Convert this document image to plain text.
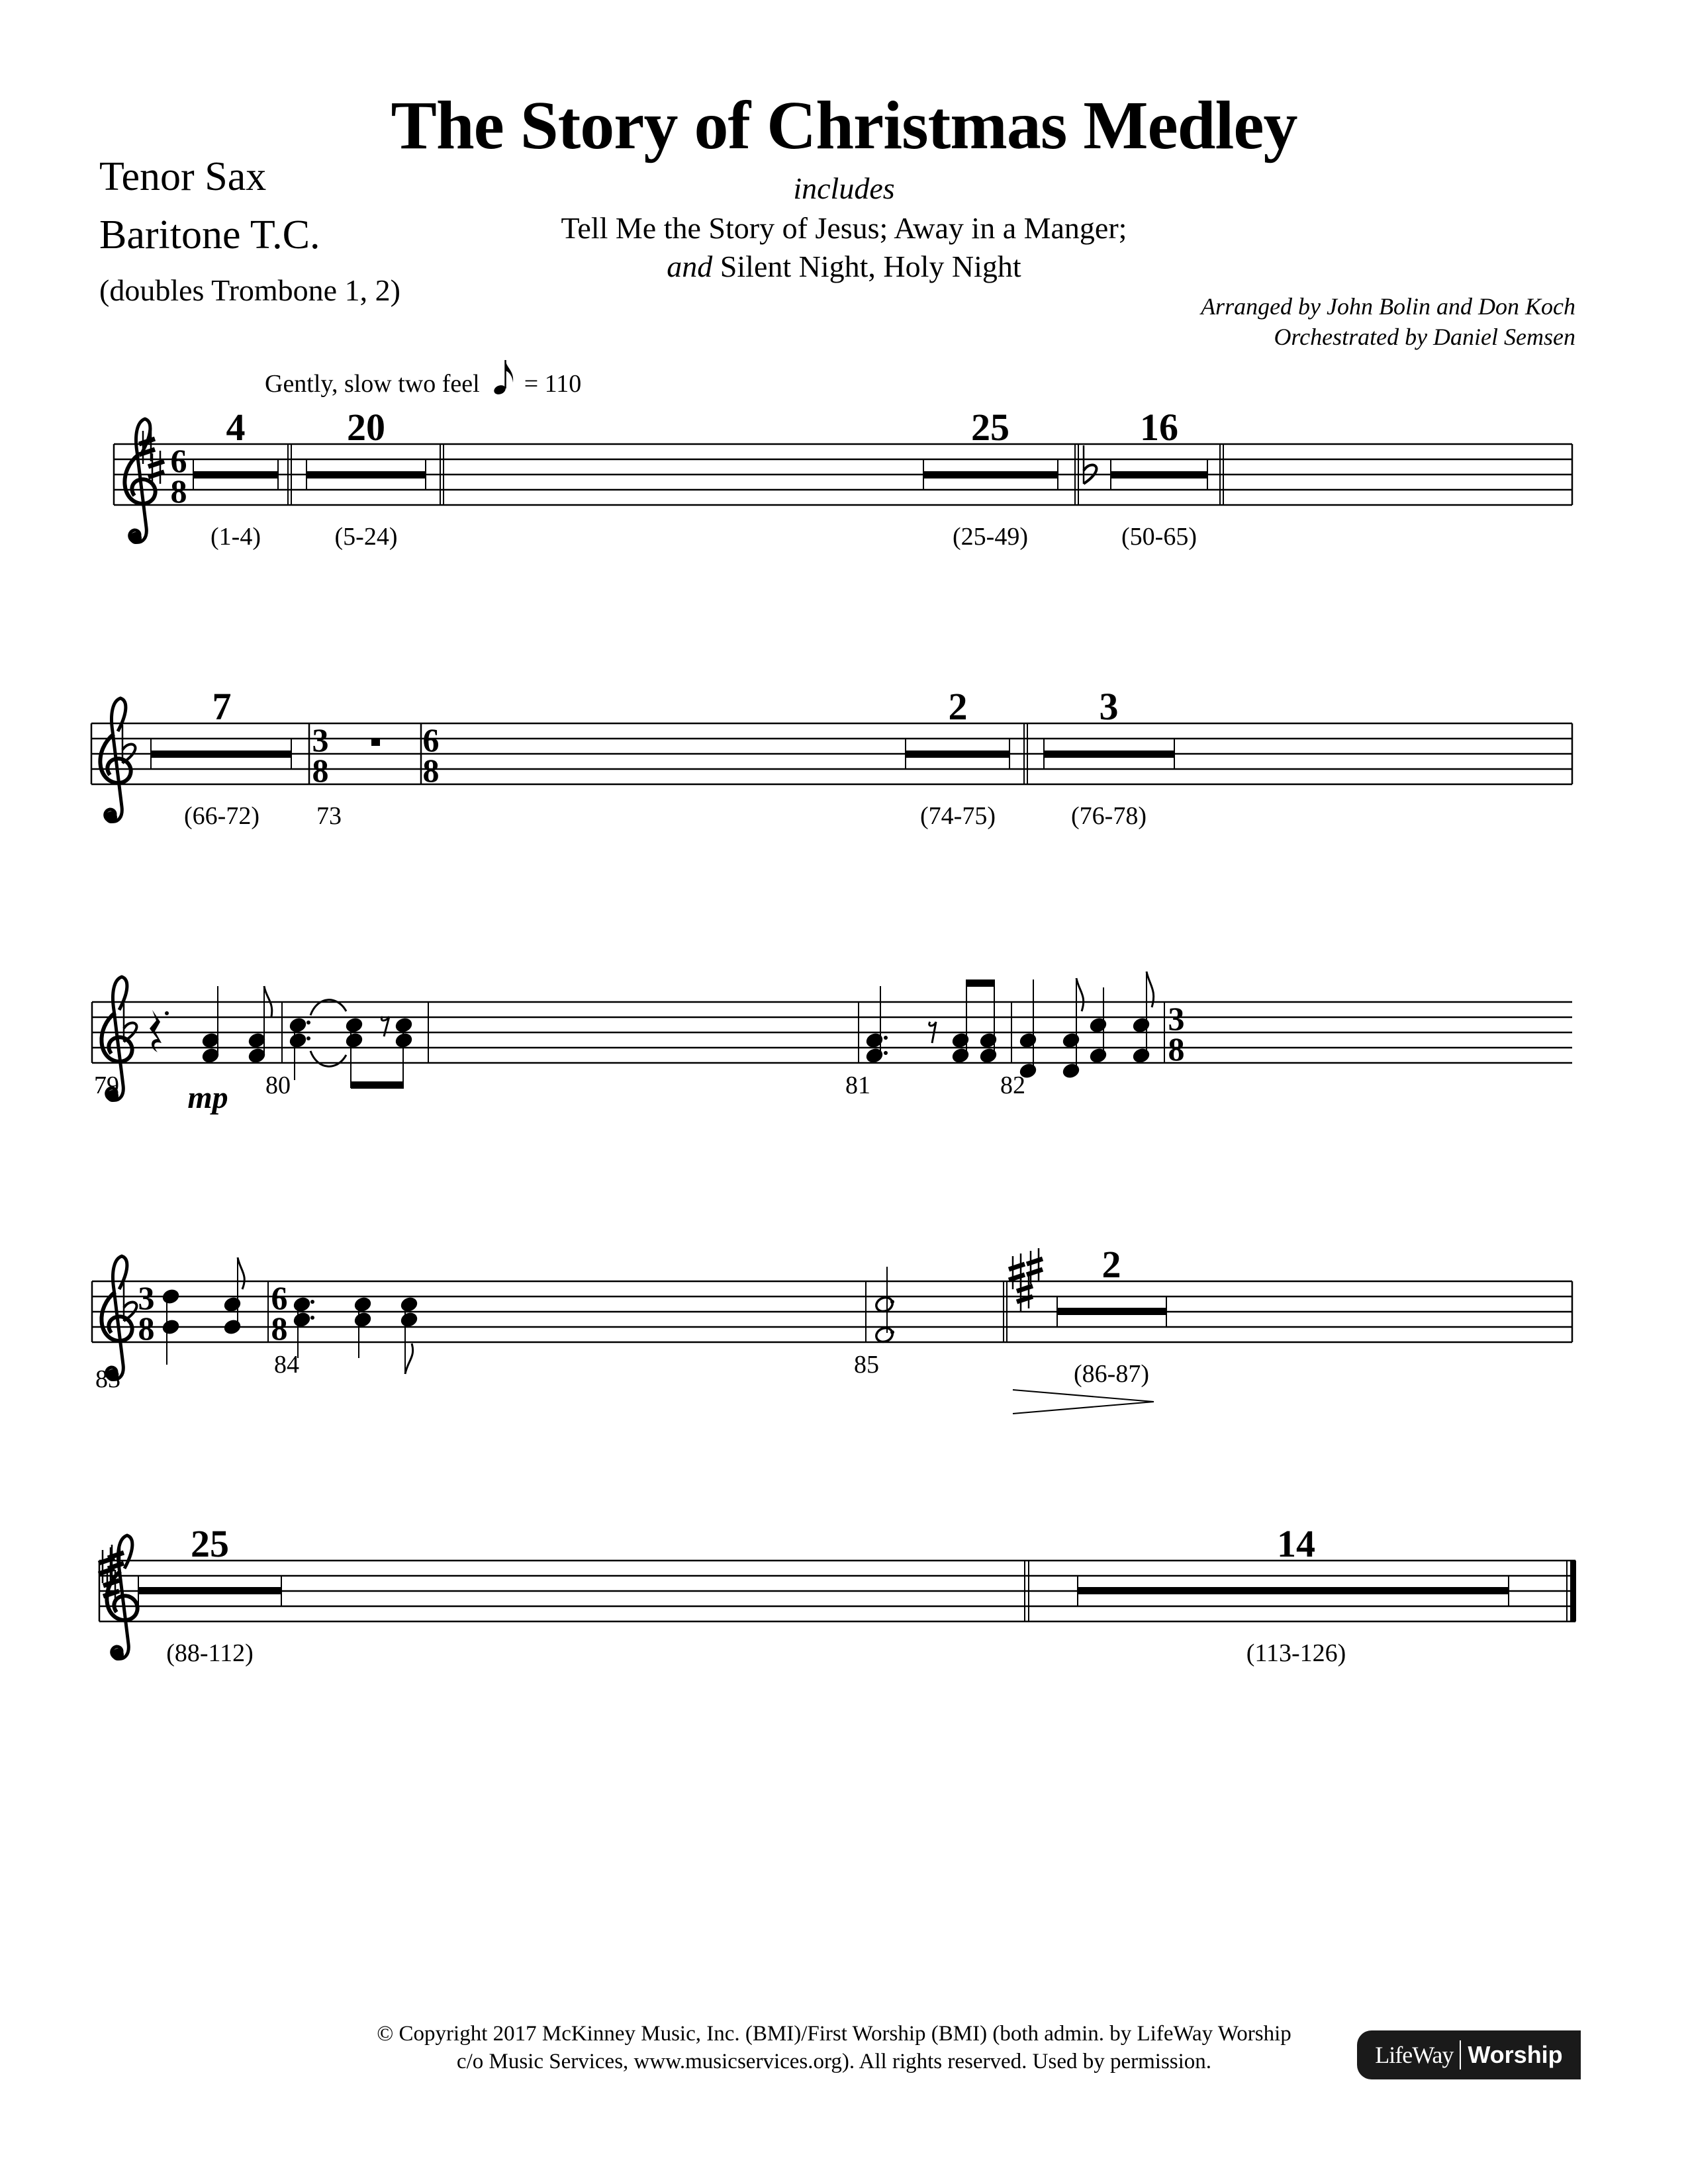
The Story of Christmas Medley
Tenor Sax
Baritone T.C.
(doubles Trombone 1, 2)
includes
Tell Me the Story of Jesus; Away in a Manger;
and Silent Night, Holy Night
Arranged by John Bolin and Don Koch
Orchestrated by Daniel Semsen
Gently, slow two feel = 110
6
8
4
(1-4)
20
(5-24)
25
(25-49)
16
(50-65)
7
(66-72)
3
8
73
6
8
2
(74-75)
3
(76-78)
79 mp 80	81	82
3
8
3
8
83
6
8
84	85
2
(86-87)
25
(88-112)
14
(113-126)
© Copyright 2017 McKinney Music, Inc. (BMI)/First Worship (BMI) (both admin. by LifeWay Worship
c/o Music Services, www.musicservices.org). All rights reserved. Used by permission.	LifeWay Worship
